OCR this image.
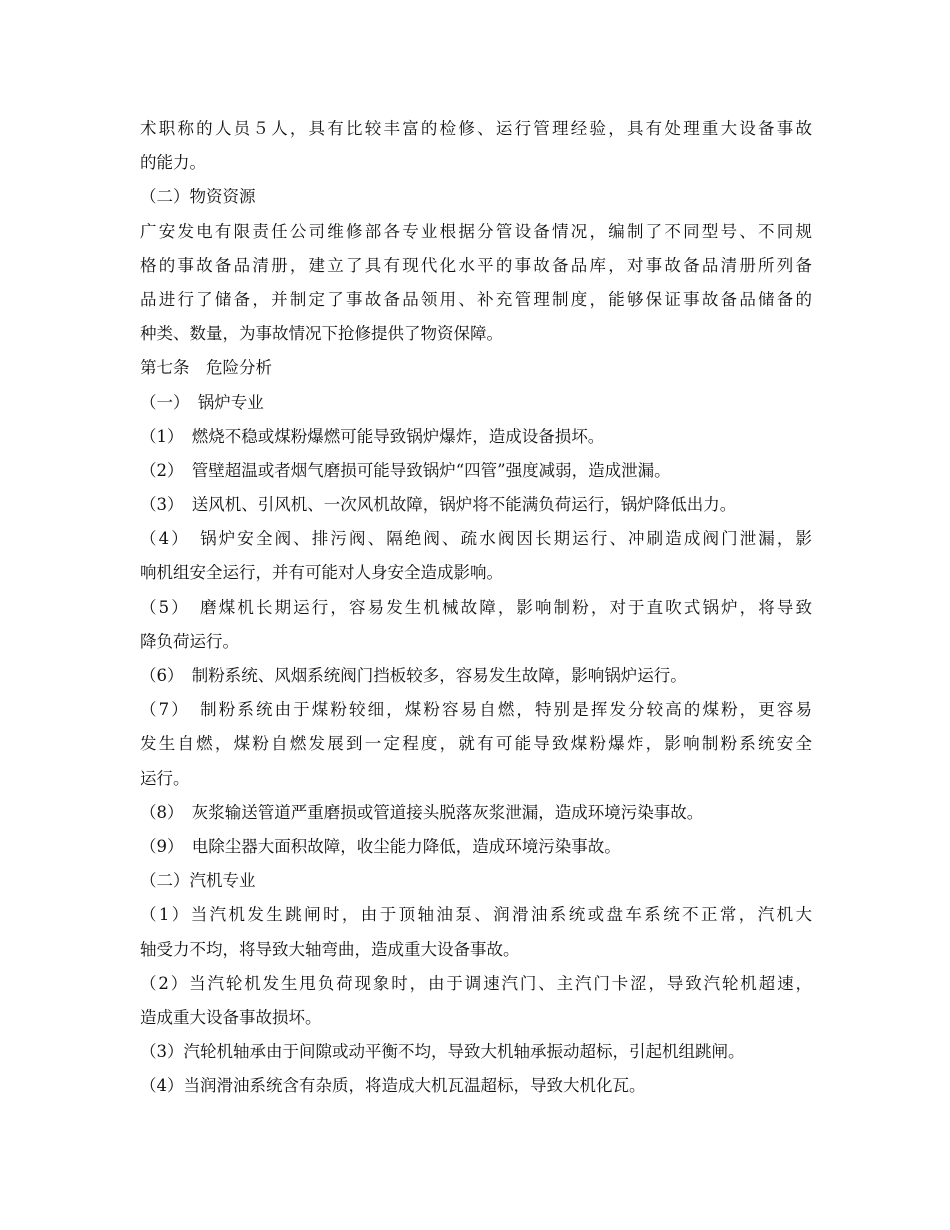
术职称的人员５人，具有比较丰富的检修、运行管理经验，具有处理重大设备事故
的能力。
（二）物资资源
广安发电有限责任公司维修部各专业根据分管设备情况，编制了不同型号、不同规
格的事故备品清册，建立了具有现代化水平的事故备品库，对事故备品清册所列备
品进行了储备，并制定了事故备品领用、补充管理制度，能够保证事故备品储备的
种类、数量，为事故情况下抢修提供了物资保障。
第七条　危险分析
（一）　锅炉专业
（1）　燃烧不稳或煤粉爆燃可能导致锅炉爆炸，造成设备损坏。
（2）　管壁超温或者烟气磨损可能导致锅炉“四管”强度减弱，造成泄漏。
（3）　送风机、引风机、一次风机故障，锅炉将不能满负荷运行，锅炉降低出力。
（4）　锅炉安全阀、排污阀、隔绝阀、疏水阀因长期运行、冲刷造成阀门泄漏，影
响机组安全运行，并有可能对人身安全造成影响。
（5）　磨煤机长期运行，容易发生机械故障，影响制粉，对于直吹式锅炉，将导致
降负荷运行。
（6）　制粉系统、风烟系统阀门挡板较多，容易发生故障，影响锅炉运行。
（7）　制粉系统由于煤粉较细，煤粉容易自燃，特别是挥发分较高的煤粉，更容易
发生自燃，煤粉自燃发展到一定程度，就有可能导致煤粉爆炸，影响制粉系统安全
运行。
（8）　灰浆输送管道严重磨损或管道接头脱落灰浆泄漏，造成环境污染事故。
（9）　电除尘器大面积故障，收尘能力降低，造成环境污染事故。
（二）汽机专业
（1）当汽机发生跳闸时，由于顶轴油泵、润滑油系统或盘车系统不正常，汽机大
轴受力不均，将导致大轴弯曲，造成重大设备事故。
（2）当汽轮机发生甩负荷现象时，由于调速汽门、主汽门卡涩，导致汽轮机超速，
造成重大设备事故损坏。
（3）汽轮机轴承由于间隙或动平衡不均，导致大机轴承振动超标，引起机组跳闸。
（4）当润滑油系统含有杂质，将造成大机瓦温超标，导致大机化瓦。
